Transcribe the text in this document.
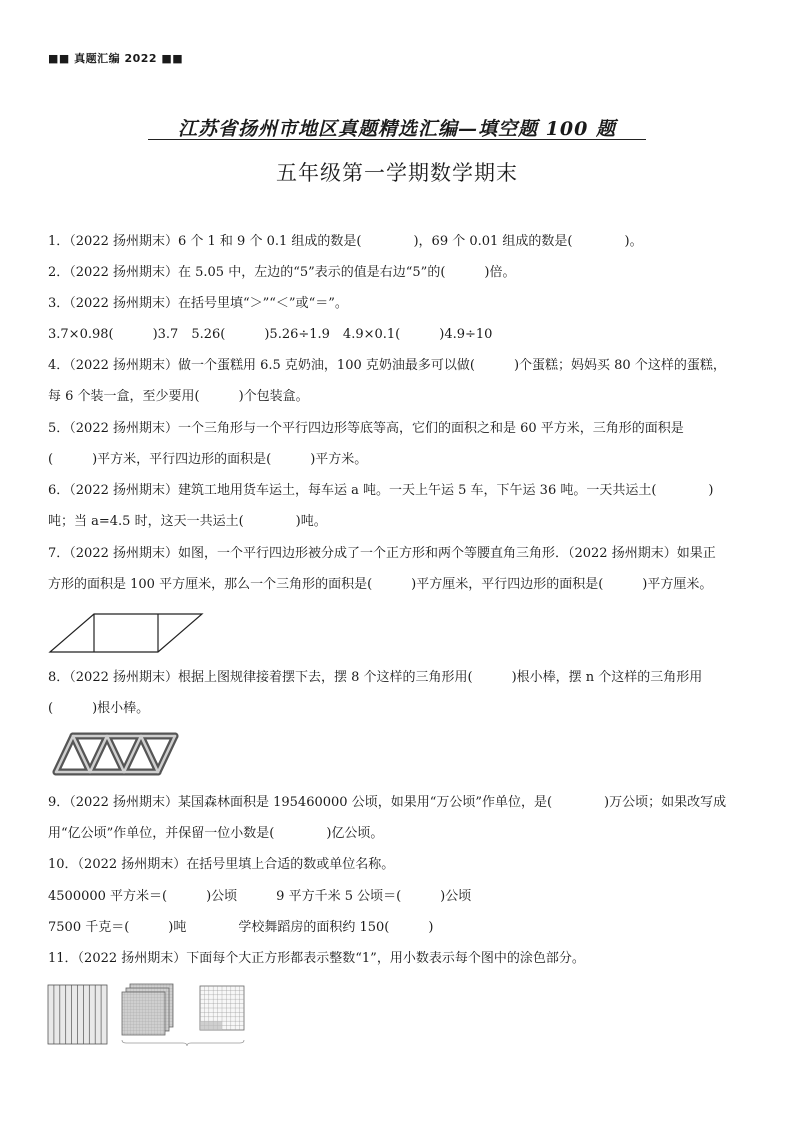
■■ 真题汇编 2022 ■■
江苏省扬州市地区真题精选汇编—填空题 100 题
五年级第一学期数学期末
1．（2022 扬州期末）6 个 1 和 9 个 0.1 组成的数是(　　　　)，69 个 0.01 组成的数是(　　　　)。
2．（2022 扬州期末）在 5.05 中，左边的“5”表示的值是右边“5”的(　　　)倍。
3．（2022 扬州期末）在括号里填“＞”“＜”或“＝”。
3.7×0.98(　　　)3.7　5.26(　　　)5.26÷1.9　4.9×0.1(　　　)4.9÷10
4．（2022 扬州期末）做一个蛋糕用 6.5 克奶油，100 克奶油最多可以做(　　　)个蛋糕；妈妈买 80 个这样的蛋糕，
每 6 个装一盒，至少要用(　　　)个包装盒。
5．（2022 扬州期末）一个三角形与一个平行四边形等底等高，它们的面积之和是 60 平方米，三角形的面积是
(　　　)平方米，平行四边形的面积是(　　　)平方米。
6．（2022 扬州期末）建筑工地用货车运土，每车运 a 吨。一天上午运 5 车，下午运 36 吨。一天共运土(　　　　)
吨；当 a=4.5 时，这天一共运土(　　　　)吨。
7．（2022 扬州期末）如图，一个平行四边形被分成了一个正方形和两个等腰直角三角形．（2022 扬州期末）如果正
方形的面积是 100 平方厘米，那么一个三角形的面积是(　　　)平方厘米，平行四边形的面积是(　　　)平方厘米。
8．（2022 扬州期末）根据上图规律接着摆下去，摆 8 个这样的三角形用(　　　)根小棒，摆 n 个这样的三角形用
(　　　)根小棒。
9．（2022 扬州期末）某国森林面积是 195460000 公顷，如果用“万公顷”作单位，是(　　　　)万公顷；如果改写成
用“亿公顷”作单位，并保留一位小数是(　　　　)亿公顷。
10．（2022 扬州期末）在括号里填上合适的数或单位名称。
4500000 平方米＝(　　　)公顷　　　9 平方千米 5 公顷＝(　　　)公顷
7500 千克＝(　　　)吨　　　　学校舞蹈房的面积约 150(　　　)
11．（2022 扬州期末）下面每个大正方形都表示整数“1”，用小数表示每个图中的涂色部分。
